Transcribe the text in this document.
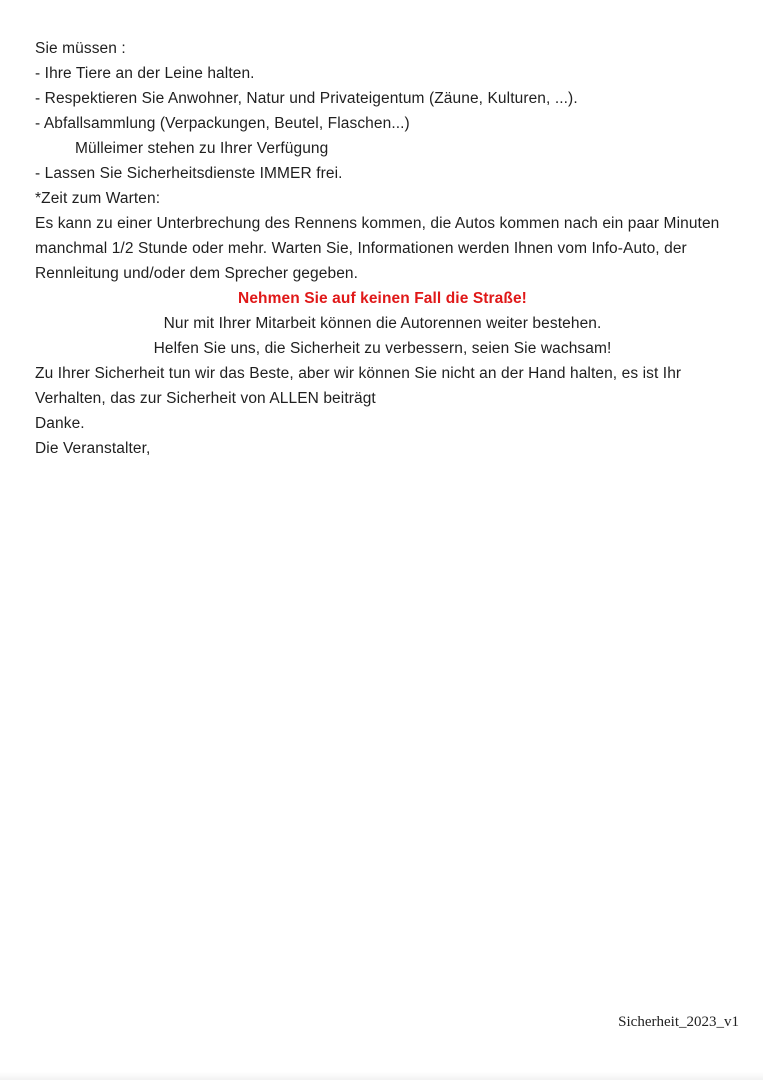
Sie müssen :

- Ihre Tiere an der Leine halten.

- Respektieren Sie Anwohner, Natur und Privateigentum (Zäune, Kulturen, ...).

- Abfallsammlung (Verpackungen, Beutel, Flaschen...)

Mülleimer stehen zu Ihrer Verfügung

- Lassen Sie Sicherheitsdienste IMMER frei.

*Zeit zum Warten:

Es kann zu einer Unterbrechung des Rennens kommen, die Autos kommen nach ein paar Minuten manchmal 1/2 Stunde oder mehr. Warten Sie, Informationen werden Ihnen vom Info-Auto, der Rennleitung und/oder dem Sprecher gegeben.

Nehmen Sie auf keinen Fall die Straße!

Nur mit Ihrer Mitarbeit können die Autorennen weiter bestehen.

Helfen Sie uns, die Sicherheit zu verbessern, seien Sie wachsam!

Zu Ihrer Sicherheit tun wir das Beste, aber wir können Sie nicht an der Hand halten, es ist Ihr Verhalten, das zur Sicherheit von ALLEN beiträgt

Danke.

Die Veranstalter,

Sicherheit_2023_v1
